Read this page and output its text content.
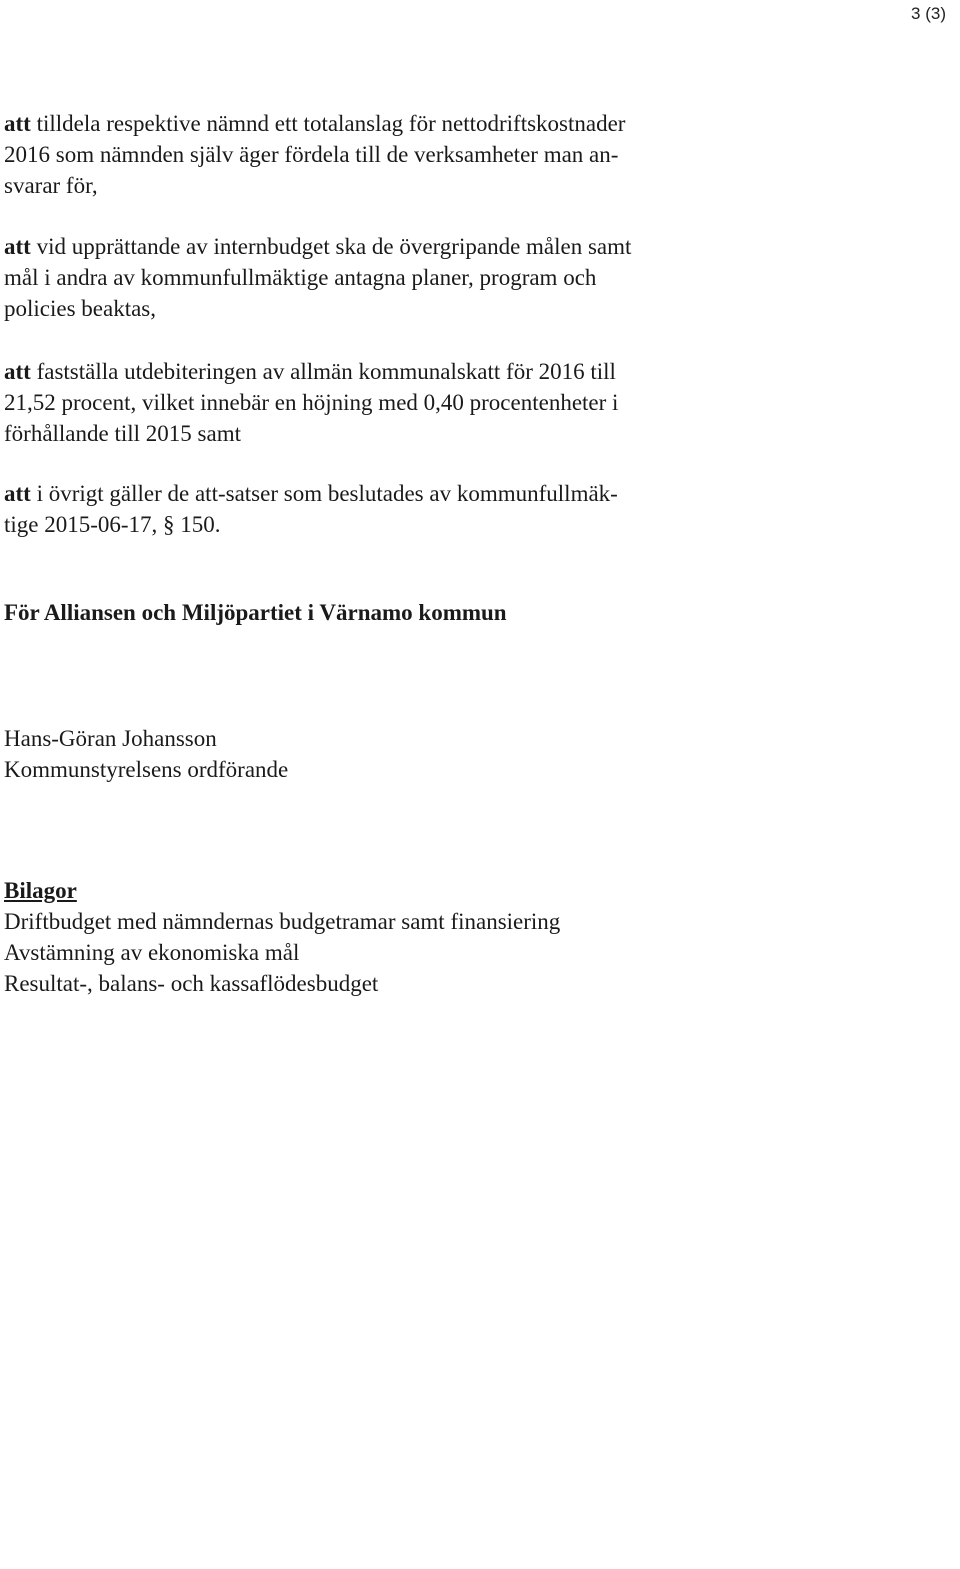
3 (3)

att tilldela respektive nämnd ett totalanslag för nettodriftskostnader
2016 som nämnden själv äger fördela till de verksamheter man an-
svarar för,

att vid upprättande av internbudget ska de övergripande målen samt
mål i andra av kommunfullmäktige antagna planer, program och
policies beaktas,

att fastställa utdebiteringen av allmän kommunalskatt för 2016 till
21,52 procent, vilket innebär en höjning med 0,40 procentenheter i
förhållande till 2015 samt

att i övrigt gäller de att-satser som beslutades av kommunfullmäk-
tige 2015-06-17, § 150.

För Alliansen och Miljöpartiet i Värnamo kommun

Hans-Göran Johansson
Kommunstyrelsens ordförande
Bilagor
Driftbudget med nämndernas budgetramar samt finansiering
Avstämning av ekonomiska mål
Resultat-, balans- och kassaflödesbudget
